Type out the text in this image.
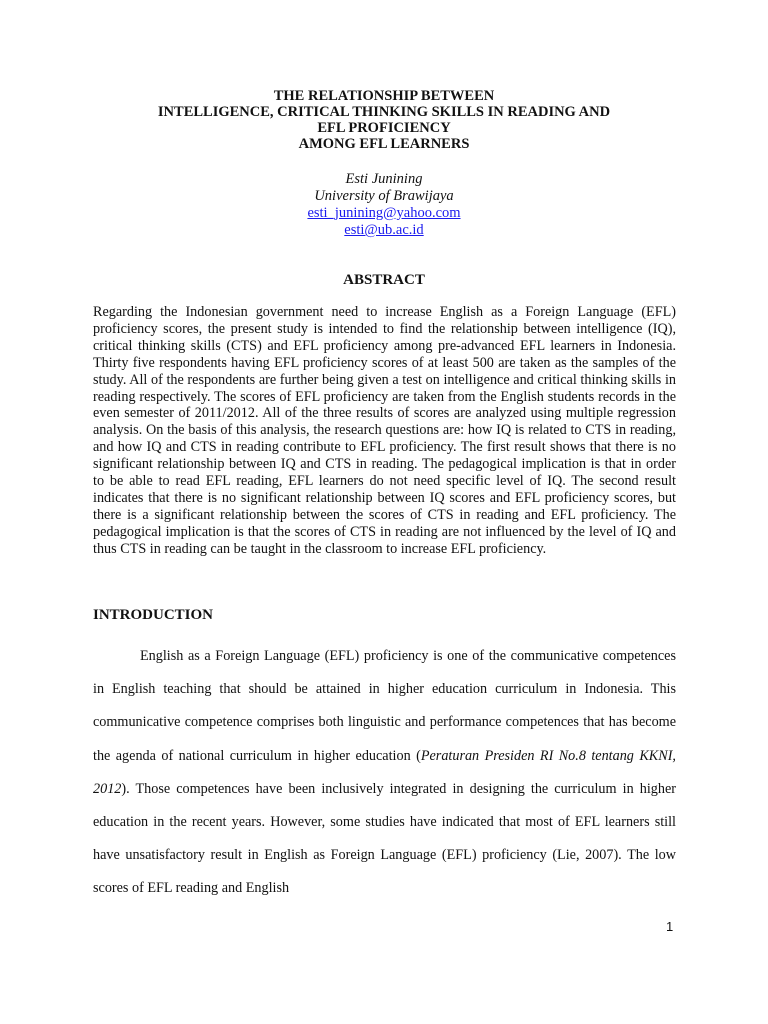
THE RELATIONSHIP BETWEEN
INTELLIGENCE, CRITICAL THINKING SKILLS IN READING AND
EFL PROFICIENCY
AMONG EFL LEARNERS
Esti Junining
University of Brawijaya
esti_junining@yahoo.com
esti@ub.ac.id
ABSTRACT

Regarding the Indonesian government need to increase English as a Foreign Language (EFL) proficiency scores, the present study is intended to find the relationship between intelligence (IQ), critical thinking skills (CTS) and EFL proficiency among pre-advanced EFL learners in Indonesia. Thirty five respondents having EFL proficiency scores of at least 500 are taken as the samples of the study. All of the respondents are further being given a test on intelligence and critical thinking skills in reading respectively. The scores of EFL proficiency are taken from the English students records in the even semester of 2011/2012. All of the three results of scores are analyzed using multiple regression analysis. On the basis of this analysis, the research questions are: how IQ is related to CTS in reading, and how IQ and CTS in reading contribute to EFL proficiency. The first result shows that there is no significant relationship between IQ and CTS in reading. The pedagogical implication is that in order to be able to read EFL reading, EFL learners do not need specific level of IQ. The second result indicates that there is no significant relationship between IQ scores and EFL proficiency scores, but there is a significant relationship between the scores of CTS in reading and EFL proficiency. The pedagogical implication is that the scores of CTS in reading are not influenced by the level of IQ and thus CTS in reading can be taught in the classroom to increase EFL proficiency.

INTRODUCTION

English as a Foreign Language (EFL) proficiency is one of the communicative competences in English teaching that should be attained in higher education curriculum in Indonesia. This communicative competence comprises both linguistic and performance competences that has become the agenda of national curriculum in higher education (Peraturan Presiden RI No.8 tentang KKNI, 2012). Those competences have been inclusively integrated in designing the curriculum in higher education in the recent years. However, some studies have indicated that most of EFL learners still have unsatisfactory result in English as Foreign Language (EFL) proficiency (Lie, 2007). The low scores of EFL reading and English

1
